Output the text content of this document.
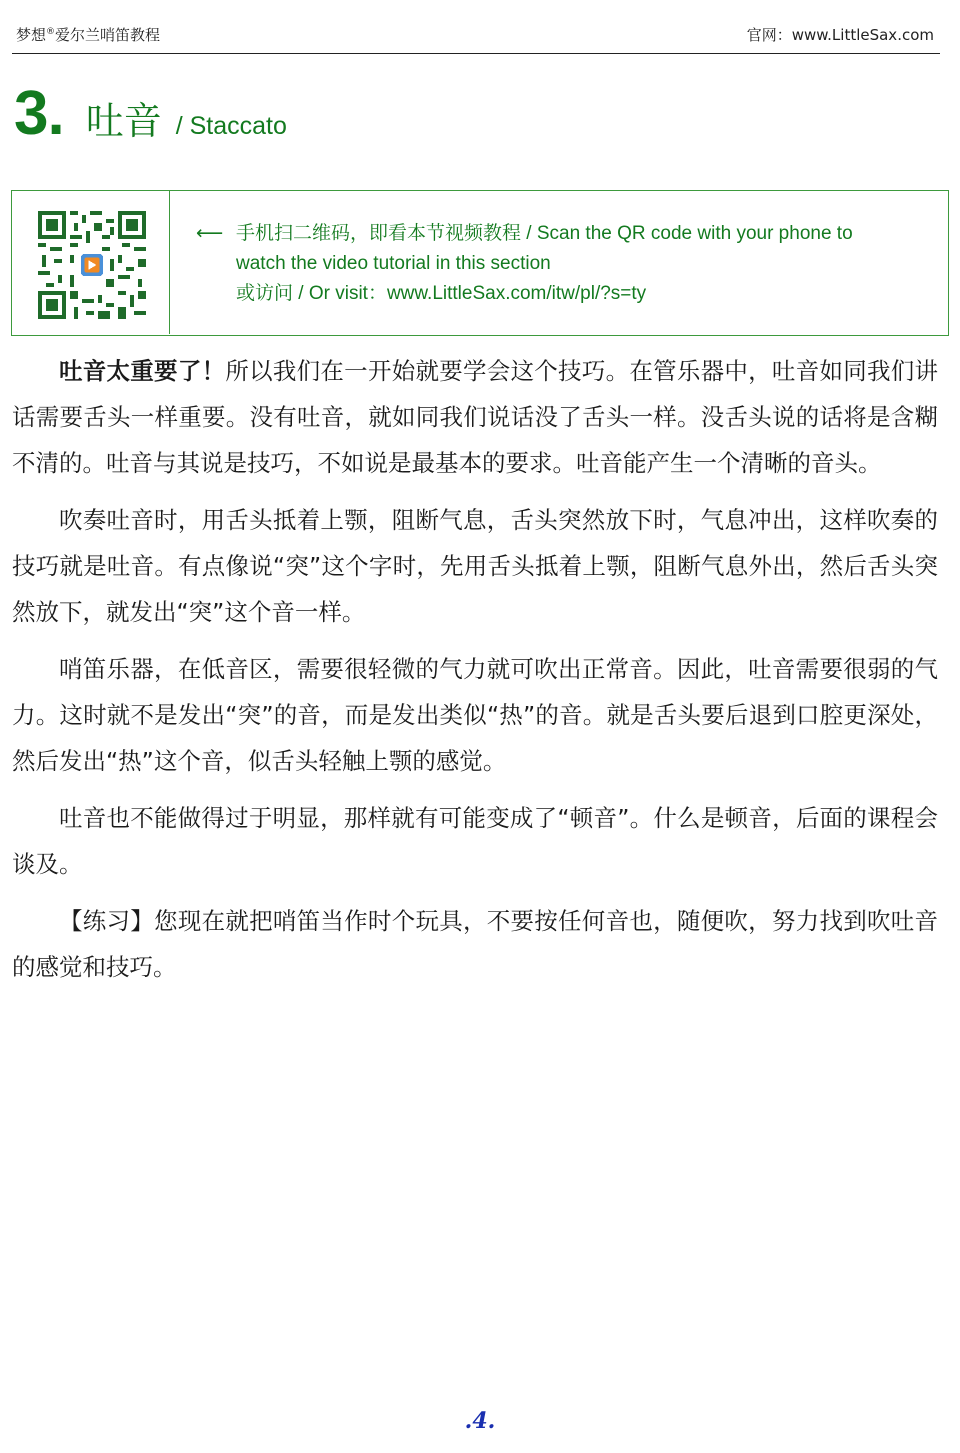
梦想®爱尔兰哨笛教程	官网：www.LittleSax.com
3. 吐音 / Staccato
⟵ 手机扫二维码，即看本节视频教程 / Scan the QR code with your phone to
watch the video tutorial in this section
或访问 / Or visit：www.LittleSax.com/itw/pl/?s=ty

吐音太重要了！所以我们在一开始就要学会这个技巧。在管乐器中，吐音如同我们讲话需要舌头一样重要。没有吐音，就如同我们说话没了舌头一样。没舌头说的话将是含糊不清的。吐音与其说是技巧，不如说是最基本的要求。吐音能产生一个清晰的音头。

吹奏吐音时，用舌头抵着上颚，阻断气息，舌头突然放下时，气息冲出，这样吹奏的技巧就是吐音。有点像说“突”这个字时，先用舌头抵着上颚，阻断气息外出，然后舌头突然放下，就发出“突”这个音一样。

哨笛乐器，在低音区，需要很轻微的气力就可吹出正常音。因此，吐音需要很弱的气力。这时就不是发出“突”的音，而是发出类似“热”的音。就是舌头要后退到口腔更深处，然后发出“热”这个音，似舌头轻触上颚的感觉。

吐音也不能做得过于明显，那样就有可能变成了“顿音”。什么是顿音，后面的课程会谈及。

【练习】您现在就把哨笛当作时个玩具，不要按任何音也，随便吹，努力找到吹吐音的感觉和技巧。

.4.
